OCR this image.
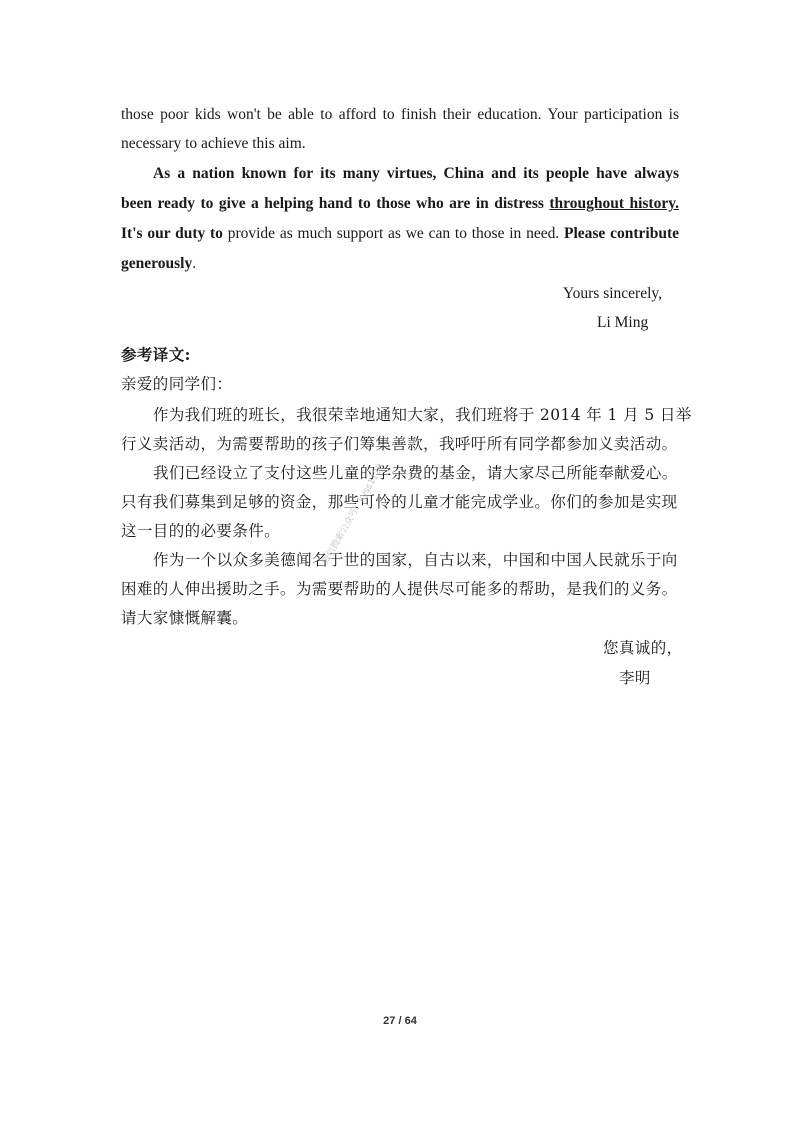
those poor kids won't be able to afford to finish their education. Your participation is
necessary to achieve this aim.
As a nation known for its many virtues, China and its people have always
been ready to give a helping hand to those who are in distress throughout history.
It's our duty to provide as much support as we can to those in need. Please contribute
generously.
Yours sincerely,
Li Ming
参考译文:
亲爱的同学们：
作为我们班的班长，我很荣幸地通知大家，我们班将于 2014 年 1 月 5 日举
行义卖活动，为需要帮助的孩子们筹集善款，我呼吁所有同学都参加义卖活动。
我们已经设立了支付这些儿童的学杂费的基金，请大家尽己所能奉献爱心。
只有我们募集到足够的资金，那些可怜的儿童才能完成学业。你们的参加是实现
这一目的的必要条件。
作为一个以众多美德闻名于世的国家，自古以来，中国和中国人民就乐于向
困难的人伸出援助之手。为需要帮助的人提供尽可能多的帮助，是我们的义务。
请大家慷慨解囊。
您真诚的，
李明
微信搜索公众号：kyss1128
27 / 64
